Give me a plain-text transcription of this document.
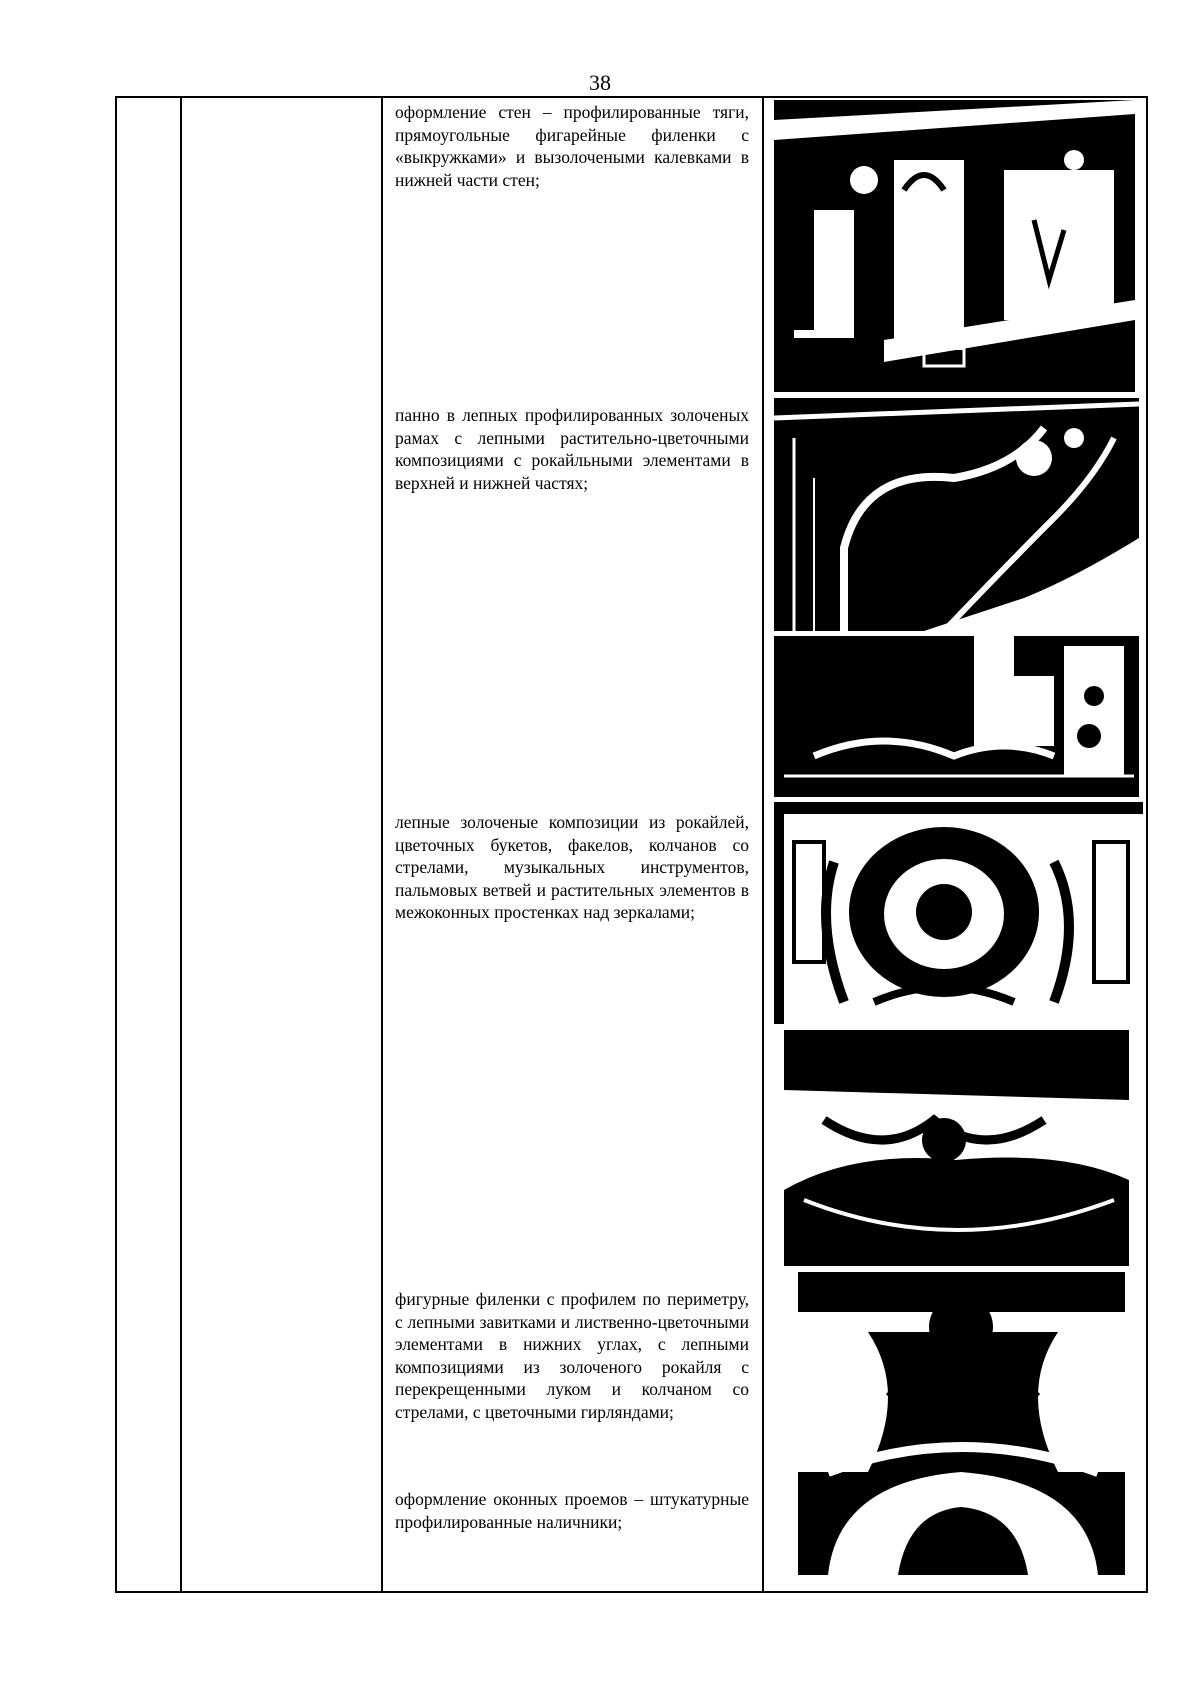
38

оформление стен – профилированные тяги, прямоугольные фигарейные филенки с «выкружками» и вызолочеными калевками в нижней части стен;

панно в лепных профилированных золоченых рамах с лепными растительно-цветочными композициями с рокайльными элементами в верхней и нижней частях;

лепные золоченые композиции из рокайлей, цветочных букетов, факелов, колчанов со стрелами, музыкальных инструментов, пальмовых ветвей и растительных элементов в межоконных простенках над зеркалами;

фигурные филенки с профилем по периметру, с лепными завитками и лиственно-цветочными элементами в нижних углах, с лепными композициями из золоченого рокайля с перекрещенными луком и колчаном со стрелами, с цветочными гирляндами;

оформление оконных проемов – штукатурные профилированные наличники;
